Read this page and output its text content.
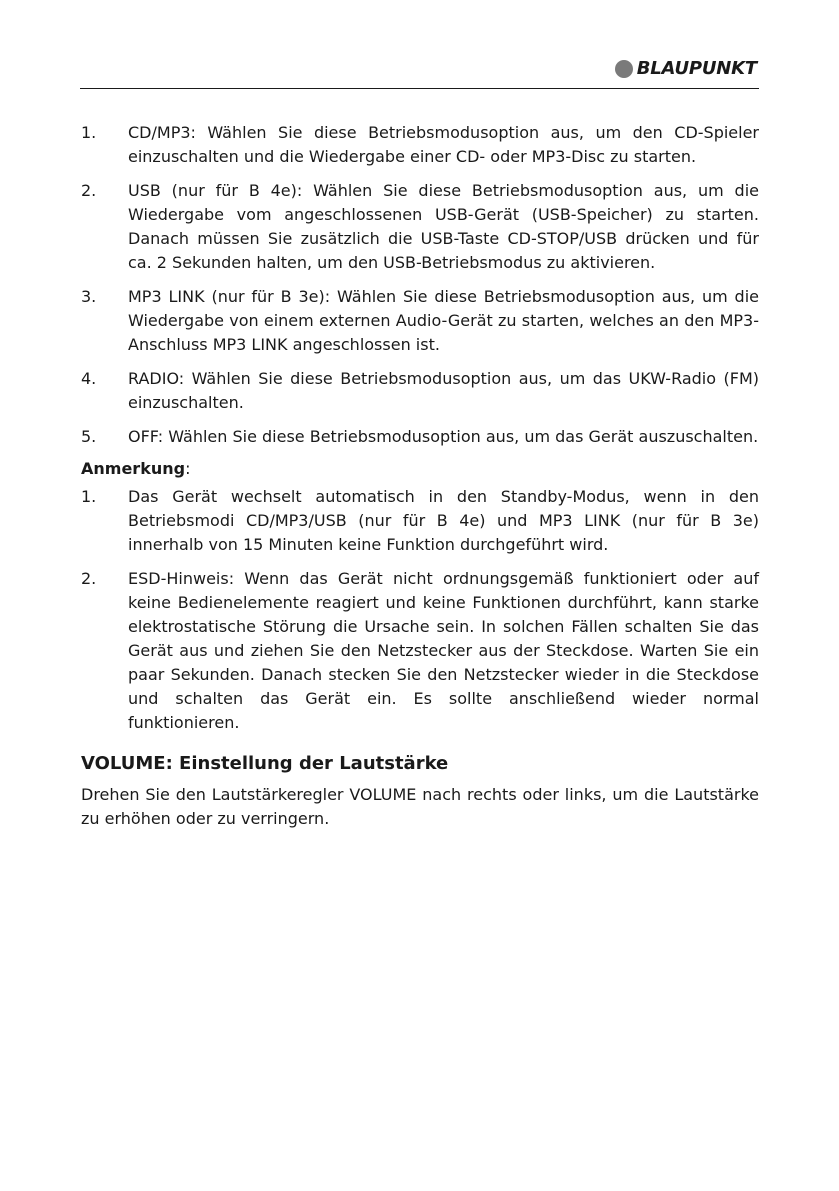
BLAUPUNKT
1.	CD/MP3: Wählen Sie diese Betriebsmodusoption aus, um den CD-Spieler einzuschalten und die Wiedergabe einer CD- oder MP3-Disc zu starten.
2.	USB (nur für B 4e): Wählen Sie diese Betriebsmodusoption aus, um die Wiedergabe vom angeschlossenen USB-Gerät (USB-Speicher) zu starten. Danach müssen Sie zusätzlich die USB-Taste CD-STOP/USB drücken und für ca. 2 Sekunden halten, um den USB-Betriebsmodus zu aktivieren.
3.	MP3 LINK (nur für B 3e): Wählen Sie diese Betriebsmodusoption aus, um die Wiedergabe von einem externen Audio-Gerät zu starten, welches an den MP3-Anschluss MP3 LINK angeschlossen ist.
4.	RADIO: Wählen Sie diese Betriebsmodusoption aus, um das UKW-Radio (FM) einzuschalten.
5.	OFF: Wählen Sie diese Betriebsmodusoption aus, um das Gerät auszuschalten.
Anmerkung:
1.	Das Gerät wechselt automatisch in den Standby-Modus, wenn in den Betriebsmodi CD/MP3/USB (nur für B 4e) und MP3 LINK (nur für B 3e) innerhalb von 15 Minuten keine Funktion durchgeführt wird.
2.	ESD-Hinweis: Wenn das Gerät nicht ordnungsgemäß funktioniert oder auf keine Bedienelemente reagiert und keine Funktionen durchführt, kann starke elektrostatische Störung die Ursache sein. In solchen Fällen schalten Sie das Gerät aus und ziehen Sie den Netzstecker aus der Steckdose. Warten Sie ein paar Sekunden. Danach stecken Sie den Netzstecker wieder in die Steckdose und schalten das Gerät ein. Es sollte anschließend wieder normal funktionieren.
VOLUME: Einstellung der Lautstärke
Drehen Sie den Lautstärkeregler VOLUME nach rechts oder links, um die Lautstärke zu erhöhen oder zu verringern.
